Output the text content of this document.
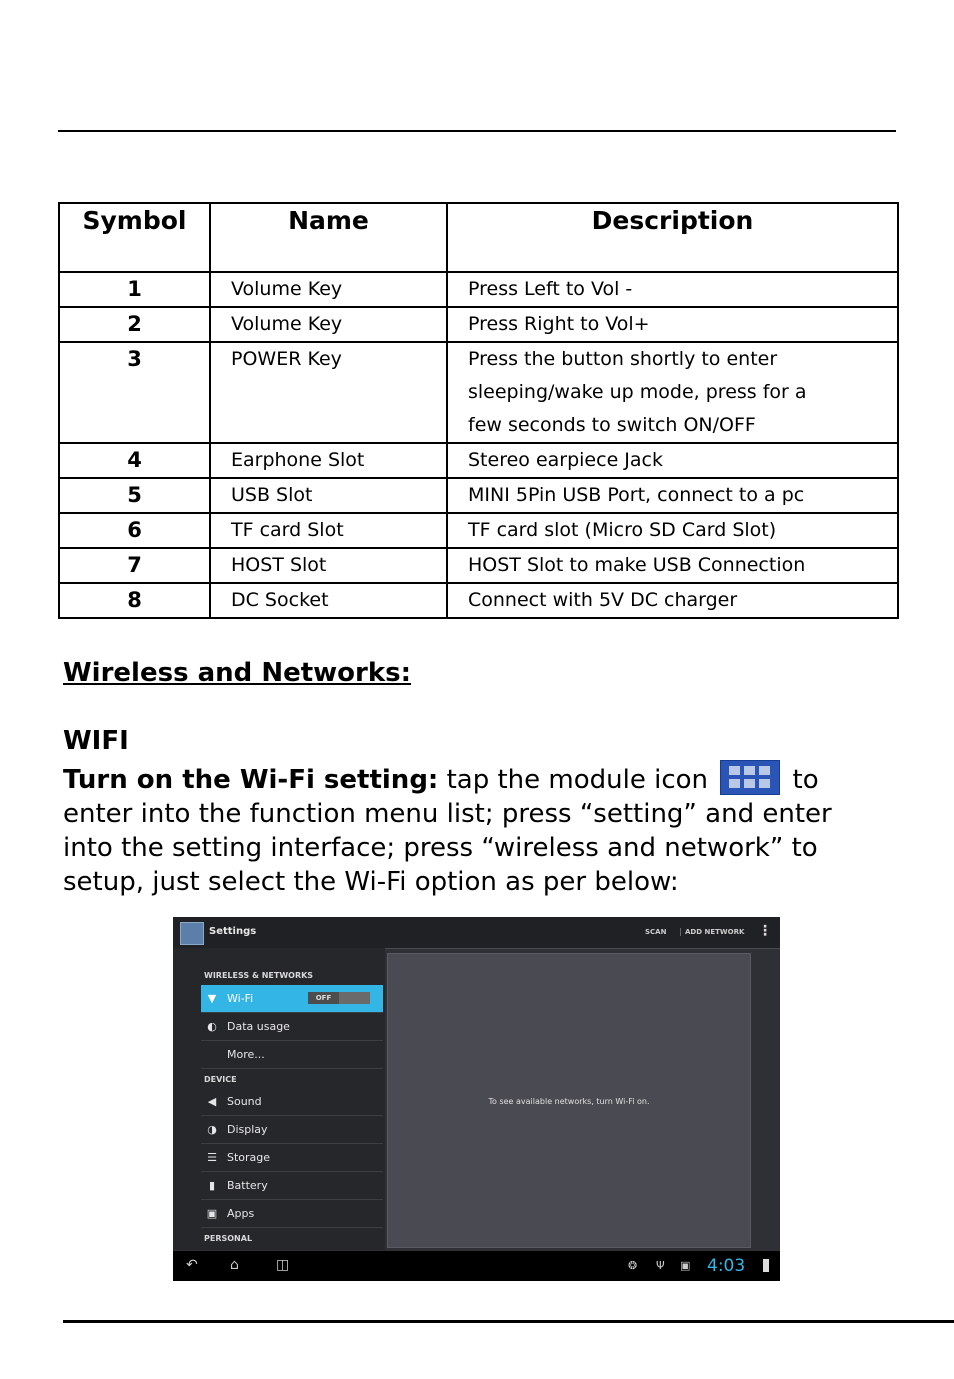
Symbol	Name	Description
1	Volume Key	Press Left to Vol -
2	Volume Key	Press Right to Vol+
3	POWER Key	Press the button shortly to enter sleeping/wake up mode, press for a few seconds to switch ON/OFF
4	Earphone Slot	Stereo earpiece Jack
5	USB Slot	MINI 5Pin USB Port, connect to a pc
6	TF card Slot	TF card slot (Micro SD Card Slot)
7	HOST Slot	HOST Slot to make USB Connection
8	DC Socket	Connect with 5V DC charger
Wireless and Networks:
WIFI
Turn on the Wi-Fi setting: tap the module icon	to enter into the function menu list; press “setting” and enter into the setting interface; press “wireless and network” to setup, just select the Wi-Fi option as per below:
Settings	SCAN	ADD NETWORK ⋮
WIRELESS & NETWORKS
▼ Wi-Fi	OFF
◐ Data usage
More...
DEVICE
◀ Sound
◑ Display
☰ Storage
▮ Battery
▣ Apps
PERSONAL
To see available networks, turn Wi-Fi on.
↶ ⌂	◫	❂ Ψ ▣ 4:03
